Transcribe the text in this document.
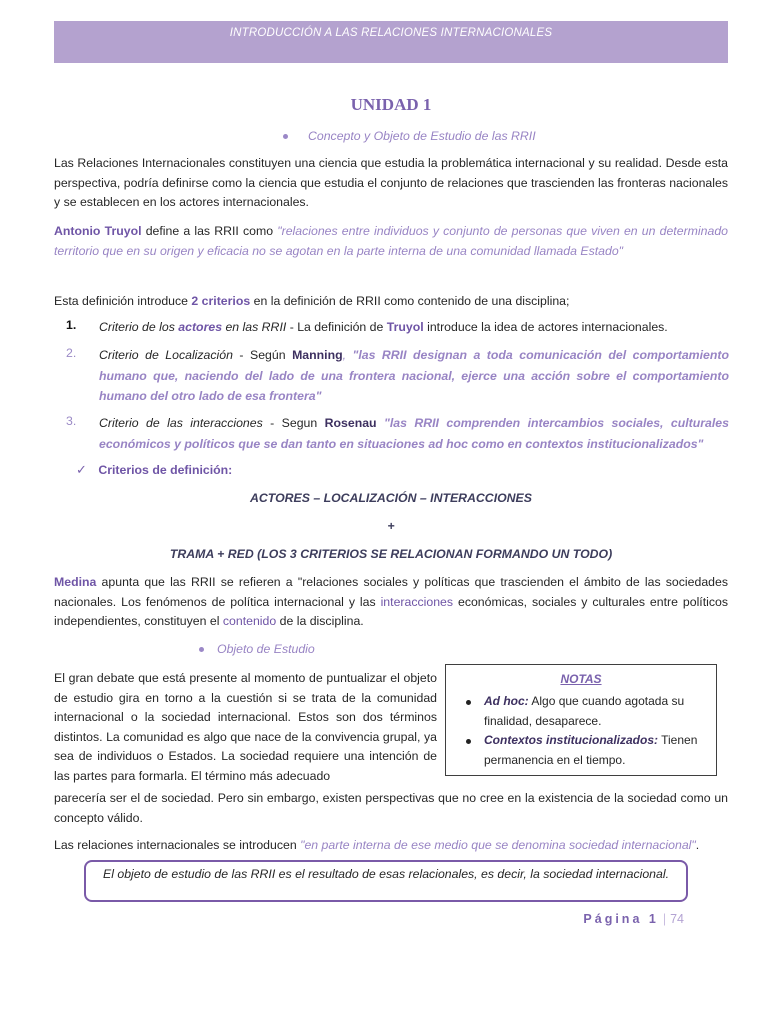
INTRODUCCIÓN A LAS RELACIONES INTERNACIONALES
UNIDAD 1
Concepto y Objeto de Estudio de las RRII

Las Relaciones Internacionales constituyen una ciencia que estudia la problemática internacional y su realidad. Desde esta perspectiva, podría definirse como la ciencia que estudia el conjunto de relaciones que trascienden las fronteras nacionales y se establecen en los actores internacionales.

Antonio Truyol define a las RRII como "relaciones entre individuos y conjunto de personas que viven en un determinado territorio que en su origen y eficacia no se agotan en la parte interna de una comunidad llamada Estado"

Esta definición introduce 2 criterios en la definición de RRII como contenido de una disciplina;

1.	Criterio de los actores en las RRII - La definición de Truyol introduce la idea de actores internacionales.
2.	Criterio de Localización - Según Manning, "las RRII designan a toda comunicación del comportamiento humano que, naciendo del lado de una frontera nacional, ejerce una acción sobre el comportamiento humano del otro lado de esa frontera"
3.	Criterio de las interacciones - Segun Rosenau "las RRII comprenden intercambios sociales, culturales económicos y políticos que se dan tanto en situaciones ad hoc como en contextos institucionalizados"
✓ Criterios de definición:
ACTORES – LOCALIZACIÓN – INTERACCIONES
+
TRAMA + RED (LOS 3 CRITERIOS SE RELACIONAN FORMANDO UN TODO)

Medina apunta que las RRII se refieren a "relaciones sociales y políticas que trascienden el ámbito de las sociedades nacionales. Los fenómenos de política internacional y las interacciones económicas, sociales y culturales entre políticos independientes, constituyen el contenido de la disciplina.

Objeto de Estudio

El gran debate que está presente al momento de puntualizar el objeto de estudio gira en torno a la cuestión si se trata de la comunidad internacional o la sociedad internacional. Estos son dos términos distintos. La comunidad es algo que nace de la convivencia grupal, ya sea de individuos o Estados. La sociedad requiere una intención de las partes para formarla. El término más adecuado

parecería ser el de sociedad. Pero sin embargo, existen perspectivas que no cree en la existencia de la sociedad como un concepto válido.

NOTAS
Ad hoc: Algo que cuando agotada su finalidad, desaparece.
Contextos institucionalizados: Tienen permanencia en el tiempo.

Las relaciones internacionales se introducen "en parte interna de ese medio que se denomina sociedad internacional".

El objeto de estudio de las RRII es el resultado de esas relacionales, es decir, la sociedad internacional.
Página 1 | 74
